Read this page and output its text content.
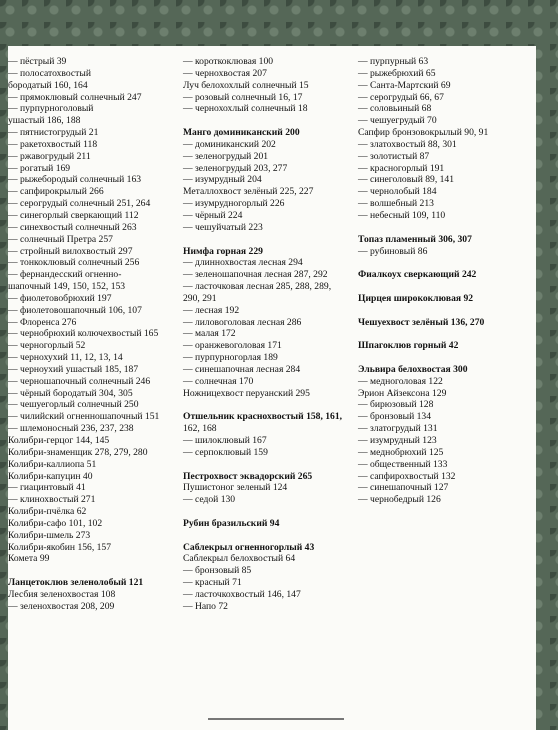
— пёстрый 39
— полосатохвостый
бородатый 160, 164
— прямоклювый солнечный 247
— пурпурноголовый
ушастый 186, 188
— пятнистогрудый 21
— ракетохвостый 118
— ржавогрудый 211
— рогатый 169
— рыжебородый солнечный 163
— сапфирокрылый 266
— серогрудый солнечный 251, 264
— синегорлый сверкающий 112
— синехвостый солнечный 263
— солнечный Претра 257
— стройный вилохвостый 297
— тонкоклювый солнечный 256
— фернандесский огненно-
шапочный 149, 150, 152, 153
— фиолетовобрюхий 197
— фиолетовошапочный 106, 107
— Флоренса 276
— чернобрюхий колючехвостый 165
— черногорлый 52
— чернохухий 11, 12, 13, 14
— черноухий ушастый 185, 187
— черношапочный солнечный 246
— чёрный бородатый 304, 305
— чешуегорлый солнечный 250
— чилийский огненношапочный 151
— шлемоносный 236, 237, 238
Колибри-герцог 144, 145
Колибри-знаменщик 278, 279, 280
Колибри-каллиопа 51
Колибри-капуцин 40
— гиацинтовый 41
— клинохвостый 271
Колибри-пчёлка 62
Колибри-сафо 101, 102
Колибри-шмель 273
Колибри-якобин 156, 157
Комета 99
Ланцетоклюв зеленолобый 121
Лесбия зеленохвостая 108
— зеленохвостая 208, 209
— короткоклювая 100
— чернохвостая 207
Луч белохохлый солнечный 15
— розовый солнечный 16, 17
— чернохохлый солнечный 18
Манго доминиканский 200
— доминиканский 202
— зеленогрудый 201
— зеленогрудый 203, 277
— изумрудный 204
Металлохвост зелёный 225, 227
— изумрудногорлый 226
— чёрный 224
— чешуйчатый 223
Нимфа горная 229
— длиннохвостая лесная 294
— зеленошапочная лесная 287, 292
— ласточковая лесная 285, 288, 289,
290, 291
— лесная 192
— лиловоголовая лесная 286
— малая 172
— оранжевоголовая 171
— пурпурногорлая 189
— синешапочная лесная 284
— солнечная 170
Ножницехвост перуанский 295
Отшельник краснохвостый 158, 161,
162, 168
— шилоклювый 167
— серпоклювый 159
Пестрохвост эквадорский 265
Пушистоног зеленый 124
— седой 130
Рубин бразильский 94
Саблекрыл огненногорлый 43
Саблекрыл белохвостый 64
— бронзовый 85
— красный 71
— ласточкохвостый 146, 147
— Напо 72
— пурпурный 63
— рыжебрюхий 65
— Санта-Мартский 69
— серогрудый 66, 67
— соловьиный 68
— чешуегрудый 70
Сапфир бронзовокрылый 90, 91
— златохвостый 88, 301
— золотистый 87
— красногорлый 191
— синеголовый 89, 141
— чернолобый 184
— волшебный 213
— небесный 109, 110
Топаз пламенный 306, 307
— рубиновый 86
Фиалкоух сверкающий 242
Цирцея ширококлювая 92
Чешуехвост зелёный 136, 270
Шпагоклюв горный 42
Эльвира белохвостая 300
— медноголовая 122
Эрион Айзексона 129
— бирюзовый 128
— бронзовый 134
— златогрудый 131
— изумрудный 123
— меднобрюхий 125
— общественный 133
— сапфирохвостый 132
— синешапочный 127
— чернобедрый 126
